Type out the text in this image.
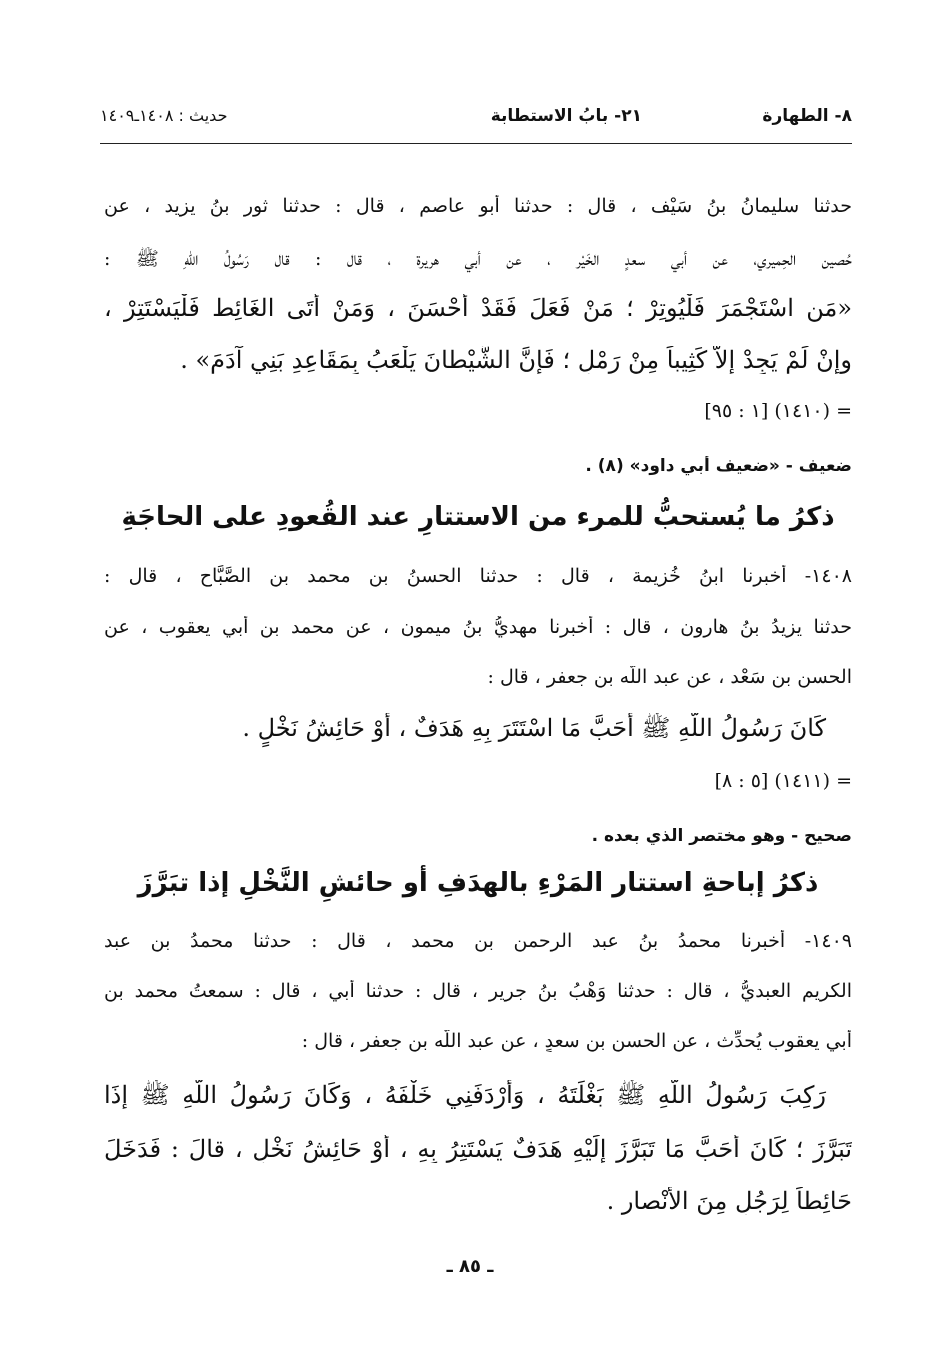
٨- الطهارة
٢١- بابُ الاستطابة
حديث : ١٤٠٨ـ١٤٠٩
حدثنا سليمانُ بنُ سَيْف ، قال : حدثنا أبو عاصم ، قال : حدثنا ثور بنُ يزيد ، عن
حُصين الحِميري، عن أبي سعدٍ الخَيْر ، عن أبي هريرة ، قال : قال رَسُولُ اللّهِ ﷺ :
«مَن اسْتَجْمَرَ فَلْيُوتِرْ ؛ مَنْ فَعَلَ فَقَدْ أَحْسَنَ ، وَمَنْ أَتَى الغَائِط فَلْيَسْتَتِرْ ،
وإنْ لَمْ يَجِدْ إلاَّ كَثِيباً مِنْ رَمْلٍ ؛ فَإِنَّ الشَّيْطانَ يَلْعَبُ بِمَقَاعِدِ بَنِي آدَمَ» .
= (١٤١٠) [١ : ٩٥]
ضعيف - «ضعيف أبي داود» (٨) .
ذكرُ ما يُستحبُّ للمرء من الاستتارِ عند القُعودِ على الحاجَةِ
١٤٠٨- أخبرنا ابنُ خُزيمة ، قال : حدثنا الحسنُ بن محمد بن الصَّبَّاح ، قال :
حدثنا يزيدُ بنُ هارون ، قال : أخبرنا مهديُّ بنُ ميمون ، عن محمد بن أبي يعقوب ، عن
الحسن بن سَعْد ، عن عبد اللّه بن جعفر ، قال :
كَانَ رَسُولُ اللّهِ ﷺ أَحَبَّ مَا اسْتَتَرَ بِهِ هَدَفٌ ، أَوْ حَائِشُ نَخْلٍ .
= (١٤١١) [٥ : ٨]
صحيح - وهو مختصر الذي بعده .
ذكرُ إباحةِ استتار المَرْءِ بالهدَفِ أو حائشِ النَّخْلِ إذا تبَرَّزَ
١٤٠٩- أخبرنا محمدُ بنُ عبد الرحمن بن محمد ، قال : حدثنا محمدُ بن عبد
الكريم العبديُّ ، قال : حدثنا وَهْبُ بنُ جرير ، قال : حدثنا أبي ، قال : سمعتُ محمد بن
أبي يعقوب يُحدِّث ، عن الحسن بن سعدٍ ، عن عبد اللّه بن جعفر ، قال :
رَكِبَ رَسُولُ اللّهِ ﷺ بَغْلَتَهُ ، وَأَرْدَفَنِي خَلْفَهُ ، وَكَانَ رَسُولُ اللّهِ ﷺ إذَا
تَبَرَّزَ ؛ كَانَ أَحَبَّ مَا تَبَرَّزَ إِلَيْهِ هَدَفٌ يَسْتَتِرُ بِهِ ، أَوْ حَائِشُ نَخْلٍ ، قالَ : فَدَخَلَ
حَائِطاً لِرَجُلٍ مِنَ الأَنْصارِ .
ـ ٨٥ ـ
